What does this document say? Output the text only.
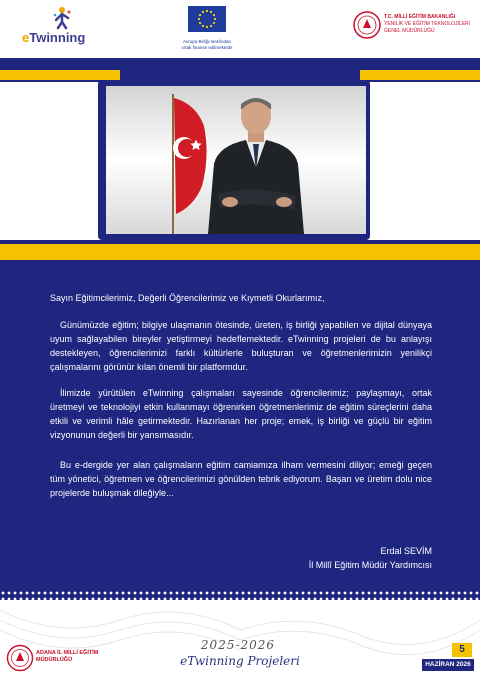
eTwinning	Avrupa Birliği tarafından
ortak finanse edilmektedir
T.C. MİLLİ EĞİTİM BAKANLIĞI
YENİLİK VE EĞİTİM TEKNOLOJİLERİ
GENEL MÜDÜRLÜĞÜ

Sayın Eğitimcilerimiz, Değerli Öğrencilerimiz ve Kıymetli Okurlarımız,

Günümüzde eğitim; bilgiye ulaşmanın ötesinde, üreten, iş birliği yapabilen ve dijital dünyaya uyum sağlayabilen bireyler yetiştirmeyi hedeflemektedir. eTwinning projeleri de bu anlayışı destekleyen, öğrencilerimizi farklı kültürlerle buluşturan ve öğretmenlerimizin yenilikçi çalışmalarını görünür kılan önemli bir platformdur.

İlimizde yürütülen eTwinning çalışmaları sayesinde öğrencilerimiz; paylaşmayı, ortak üretmeyi ve teknolojiyi etkin kullanmayı öğrenirken öğretmenlerimiz de eğitim süreçlerini daha etkili ve verimli hâle getirmektedir. Hazırlanan her proje; emek, iş birliği ve güçlü bir eğitim vizyonunun değerli bir yansımasıdır.

Bu e-dergide yer alan çalışmaların eğitim camiamıza ilham vermesini diliyor; emeği geçen tüm yönetici, öğretmen ve öğrencilerimizi gönülden tebrik ediyorum. Başarı ve üretim dolu nice projelerde buluşmak dileğiyle...

Erdal SEVİM
İl Millî Eğitim Müdür Yardımcısı
ADANA İL MİLLİ EĞİTİM
MÜDÜRLÜĞÜ
2025-2026
eTwinning Projeleri
5
HAZİRAN 2026
